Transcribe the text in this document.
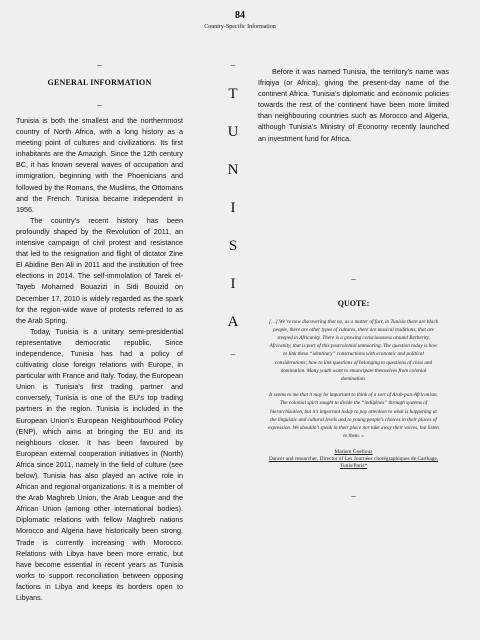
84
Country-Specific Information
_
GENERAL INFORMATION
_

Tunisia is both the smallest and the northernmost country of North Africa, with a long history as a meeting point of cultures and civilizations. Its first inhabitants are the Amazigh. Since the 12th century BC, it has known several waves of occupation and immigration, beginning with the Phoenicians and followed by the Romans, the Muslims, the Ottomans and the French. Tunisia became independent in 1956.

The country’s recent history has been profoundly shaped by the Revolution of 2011, an intensive campaign of civil protest and resistance that led to the resignation and flight of dictator Zine El Abidine Ben Ali in 2011 and the institution of free elections in 2014. The self-immolation of Tarek el-Tayeb Mohamed Bouazizi in Sidi Bouizid on December 17, 2010 is widely regarded as the spark for the region-wide wave of protests referred to as the Arab Spring.

Today, Tunisia is a unitary semi-presidential representative democratic republic. Since independence, Tunisia has had a policy of cultivating close foreign relations with Europe, in particular with France and Italy. Today, the European Union is Tunisia’s first trading partner and conversely, Tunisia is one of the EU’s top trading partners in the region. Tunisia is included in the European Union’s European Neighbourhood Policy (ENP), which aims at bringing the EU and its neighbours closer. It has been favoured by European external cooperation initiatives in (North) Africa since 2011, namely in the field of culture (see below). Tunisia has also played an active role in African and regional organizations. It is a member of the Arab Maghreb Union, the Arab League and the African Union (among other international bodies). Diplomatic relations with fellow Maghreb nations Morocco and Algeria have historically been strong. Trade is currently increasing with Morocco. Relations with Libya have been more erratic, but have become essential in recent years as Tunisia works to support reconciliation between opposing factions in Libya and keeps its borders open to Libyans.

_
T
U
N
I
S
I
A
_

Before it was named Tunisia, the territory’s name was Ifriqiya (or Africa), giving the present-day name of the continent Africa. Tunisia’s diplomatic and economic policies towards the rest of the continent have been more limited than neighbouring countries such as Morocco and Algeria, although Tunisia’s Ministry of Economy recently launched an investment fund for Africa.

_
QUOTE:

[…] We’re now discovering that no, as a matter of fact, in Tunisia there are black people, there are other types of cultures, there are musical traditions, that are steeped in Africanity. There is a growing consciousness around Berberity, Africanity, that is part of this postcolonial unmooring. The question today is how to link these “identitary” constructions with economic and political considerations; how to link questions of belonging to questions of class and domination. Many youth want to emancipate themselves from colonial domination.

It seems to me that it may be important to think of a sort of Arab-pan-Africanism. The colonial spirit sought to divide the “indigènes” through systems of hierarchization, but it’s important today to pay attention to what is happening at the linguistic and cultural levels and to young people’s choices in their places of expression. We shouldn’t speak in their place nor take away their voices, but listen to them. »

Mariem Guellouz
Dancer and researcher, Director of Les Journées chorégraphiques de Carthage,
Tunis/Paris*
_
